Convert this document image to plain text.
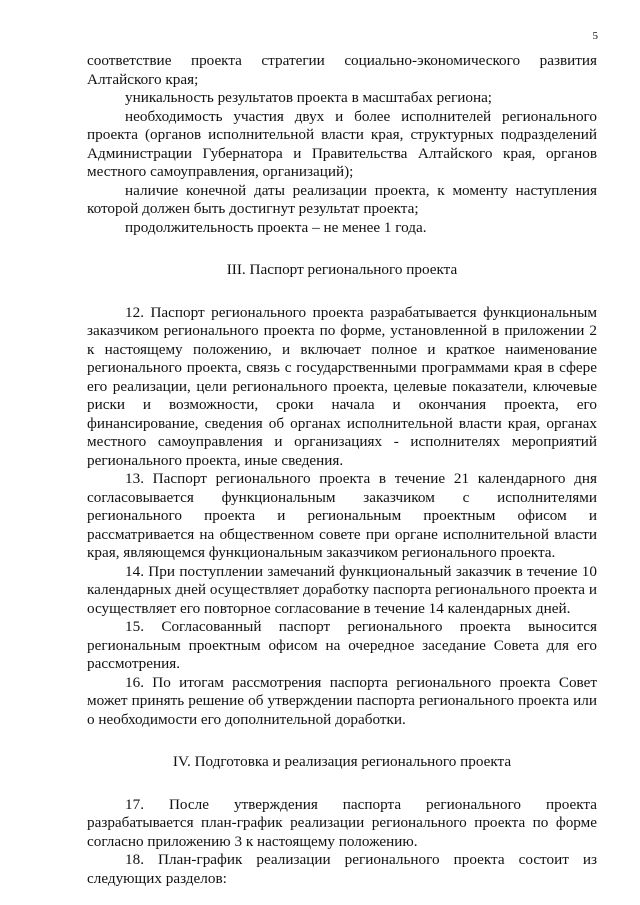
5

соответствие проекта стратегии социально-экономического развития Алтайского края;

уникальность результатов проекта в масштабах региона;

необходимость участия двух и более исполнителей регионального проекта (органов исполнительной власти края, структурных подразделений Администрации Губернатора и Правительства Алтайского края, органов местного самоуправления, организаций);

наличие конечной даты реализации проекта, к моменту наступления которой должен быть достигнут результат проекта;

продолжительность проекта – не менее 1 года.

III. Паспорт регионального проекта

12. Паспорт регионального проекта разрабатывается функциональным заказчиком регионального проекта по форме, установленной в приложении 2 к настоящему положению, и включает полное и краткое наименование регионального проекта, связь с государственными программами края в сфере его реализации, цели регионального проекта, целевые показатели, ключевые риски и возможности, сроки начала и окончания проекта, его финансирование, сведения об органах исполнительной власти края, органах местного самоуправления и организациях - исполнителях мероприятий регионального проекта, иные сведения.

13. Паспорт регионального проекта в течение 21 календарного дня согласовывается функциональным заказчиком с исполнителями регионального проекта и региональным проектным офисом и рассматривается на общественном совете при органе исполнительной власти края, являющемся функциональным заказчиком регионального проекта.

14. При поступлении замечаний функциональный заказчик в течение 10 календарных дней осуществляет доработку паспорта регионального проекта и осуществляет его повторное согласование в течение 14 календарных дней.

15. Согласованный паспорт регионального проекта выносится региональным проектным офисом на очередное заседание Совета для его рассмотрения.

16. По итогам рассмотрения паспорта регионального проекта Совет может принять решение об утверждении паспорта регионального проекта или о необходимости его дополнительной доработки.

IV. Подготовка и реализация регионального проекта

17. После утверждения паспорта регионального проекта разрабатывается план-график реализации регионального проекта по форме согласно приложению 3 к настоящему положению.

18. План-график реализации регионального проекта состоит из следующих разделов:
